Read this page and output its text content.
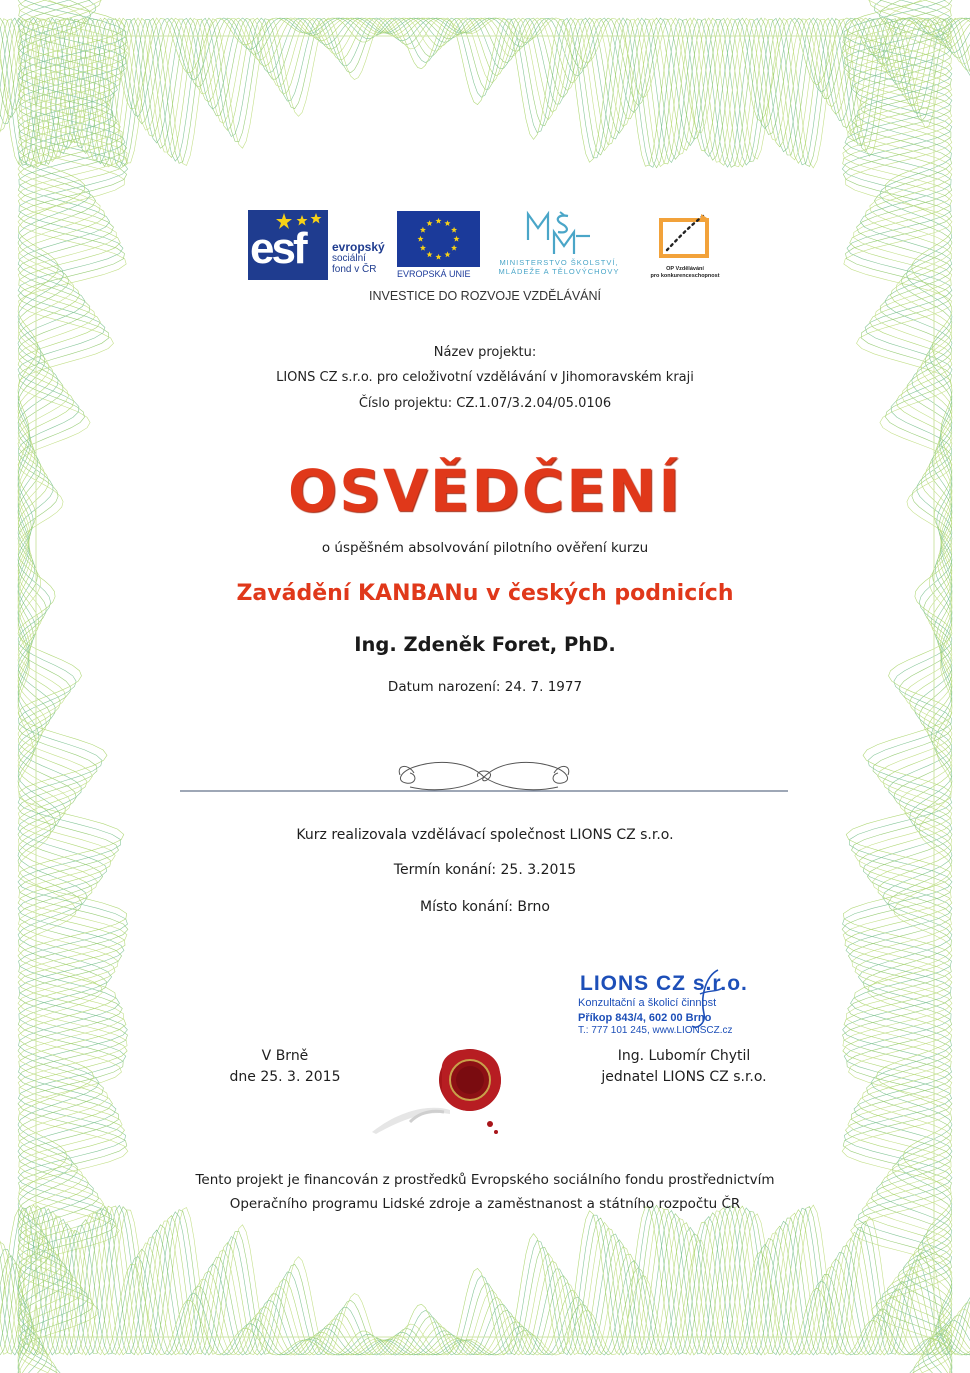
esf evropský
sociální
fond v ČR	EVROPSKÁ UNIE
MINISTERSTVO ŠKOLSTVÍ,
MLÁDEŽE A TĚLOVÝCHOVY	OP Vzdělávání
pro konkurenceschopnost
INVESTICE DO ROZVOJE VZDĚLÁVÁNÍ
Název projektu:
LIONS CZ s.r.o. pro celoživotní vzdělávání v Jihomoravském kraji
Číslo projektu: CZ.1.07/3.2.04/05.0106
OSVĚDČENÍ
o úspěšném absolvování pilotního ověření kurzu
Zavádění KANBANu v českých podnicích
Ing. Zdeněk Foret, PhD.
Datum narození: 24. 7. 1977
Kurz realizovala vzdělávací společnost LIONS CZ s.r.o.
Termín konání: 25. 3.2015
Místo konání: Brno
LIONS CZ s.r.o.
Konzultační a školicí činnost
Příkop 843/4, 602 00 Brno
T.: 777 101 245, www.LIONSCZ.cz
V Brně
dne 25. 3. 2015
Ing. Lubomír Chytil
jednatel LIONS CZ s.r.o.
Tento projekt je financován z prostředků Evropského sociálního fondu prostřednictvím
Operačního programu Lidské zdroje a zaměstnanost a státního rozpočtu ČR
